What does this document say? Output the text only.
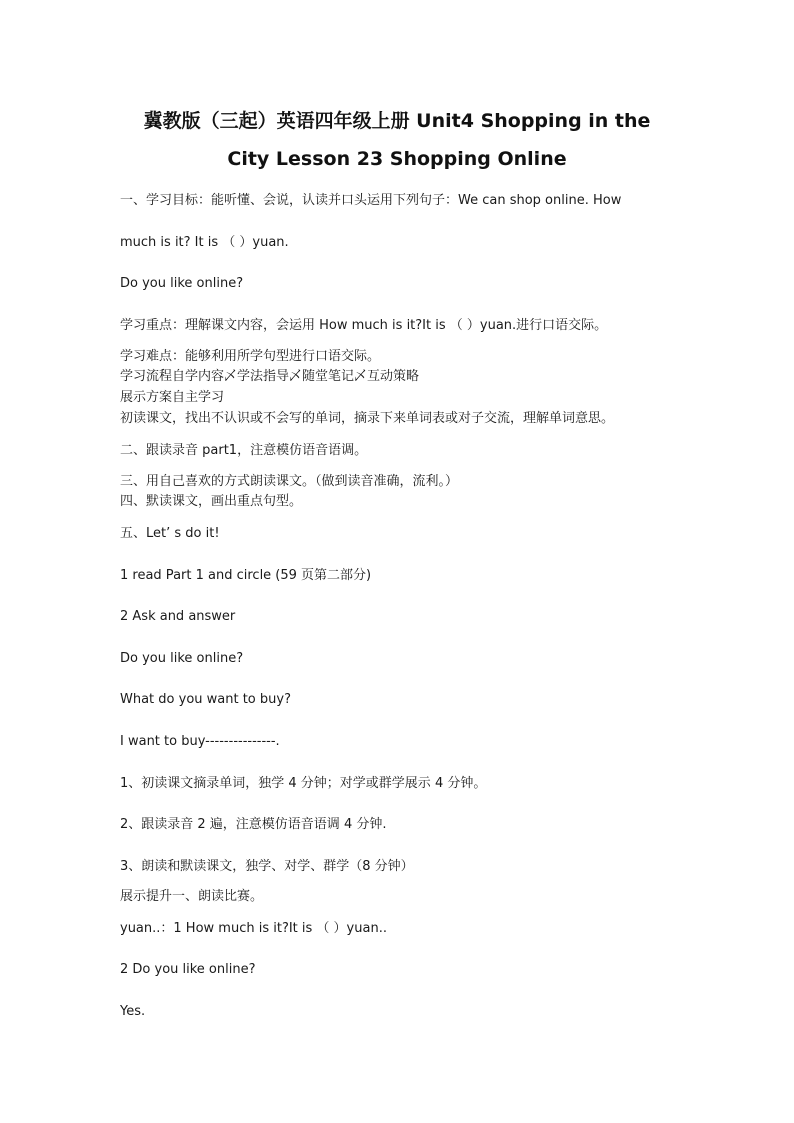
冀教版（三起）英语四年级上册 Unit4 Shopping in the
City Lesson 23 Shopping Online
一、学习目标：能听懂、会说，认读并口头运用下列句子：We can shop online. How
much is it? It is （ ）yuan.
Do you like online?
学习重点：理解课文内容，会运用 How much is it?It is （ ）yuan.进行口语交际。
学习难点：能够利用所学句型进行口语交际。
学习流程自学内容乄学法指导乄随堂笔记乄互动策略
展示方案自主学习
初读课文，找出不认识或不会写的单词，摘录下来单词表或对子交流，理解单词意思。
二、跟读录音 part1，注意模仿语音语调。
三、用自己喜欢的方式朗读课文。（做到读音准确，流利。）
四、默读课文，画出重点句型。
五、Let’ s do it!
1 read Part 1 and circle (59 页第二部分)
2 Ask and answer
Do you like online?
What do you want to buy?
I want to buy---------------.
1、初读课文摘录单词，独学 4 分钟；对学或群学展示 4 分钟。
2、跟读录音 2 遍，注意模仿语音语调 4 分钟.
3、朗读和默读课文，独学、对学、群学（8 分钟）
展示提升一、朗读比赛。
yuan..：1 How much is it?It is （ ）yuan..
2 Do you like online?
Yes.
